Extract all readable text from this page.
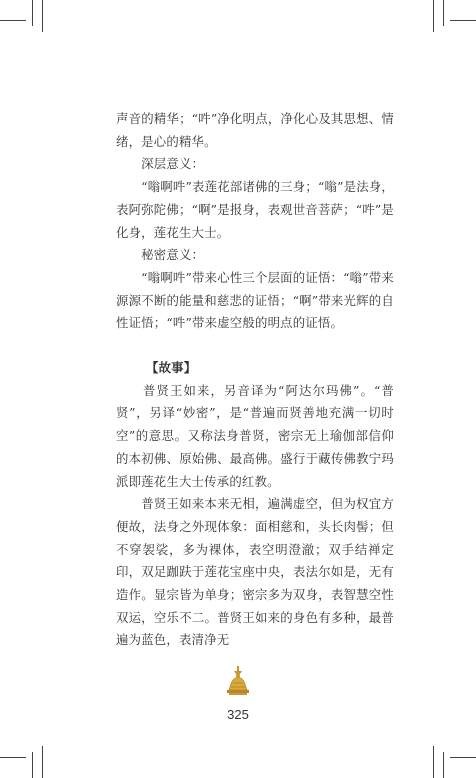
声音的精华；“吽”净化明点，净化心及其思想、情绪，是心的精华。

　　深层意义：

　　“嗡啊吽”表莲花部诸佛的三身；“嗡”是法身，表阿弥陀佛；“啊”是报身，表观世音菩萨；“吽”是化身，莲花生大士。

　　秘密意义：

　　“嗡啊吽”带来心性三个层面的证悟：“嗡”带来源源不断的能量和慈悲的证悟；“啊”带来光辉的自性证悟；“吽”带来虚空般的明点的证悟。

【故事】

　　普贤王如来，另音译为“阿达尔玛佛”。“普贤”，另译“妙密”，是“普遍而贤善地充满一切时空”的意思。又称法身普贤，密宗无上瑜伽部信仰的本初佛、原始佛、最高佛。盛行于藏传佛教宁玛派即莲花生大士传承的红教。

　　普贤王如来本来无相，遍满虚空，但为权宜方便故，法身之外现体象：面相慈和，头长肉髻；但不穿袈裟，多为裸体，表空明澄澈；双手结禅定印，双足跏趺于莲花宝座中央，表法尔如是，无有造作。显宗皆为单身；密宗多为双身，表智慧空性双运，空乐不二。普贤王如来的身色有多种，最普遍为蓝色，表清净无

325
